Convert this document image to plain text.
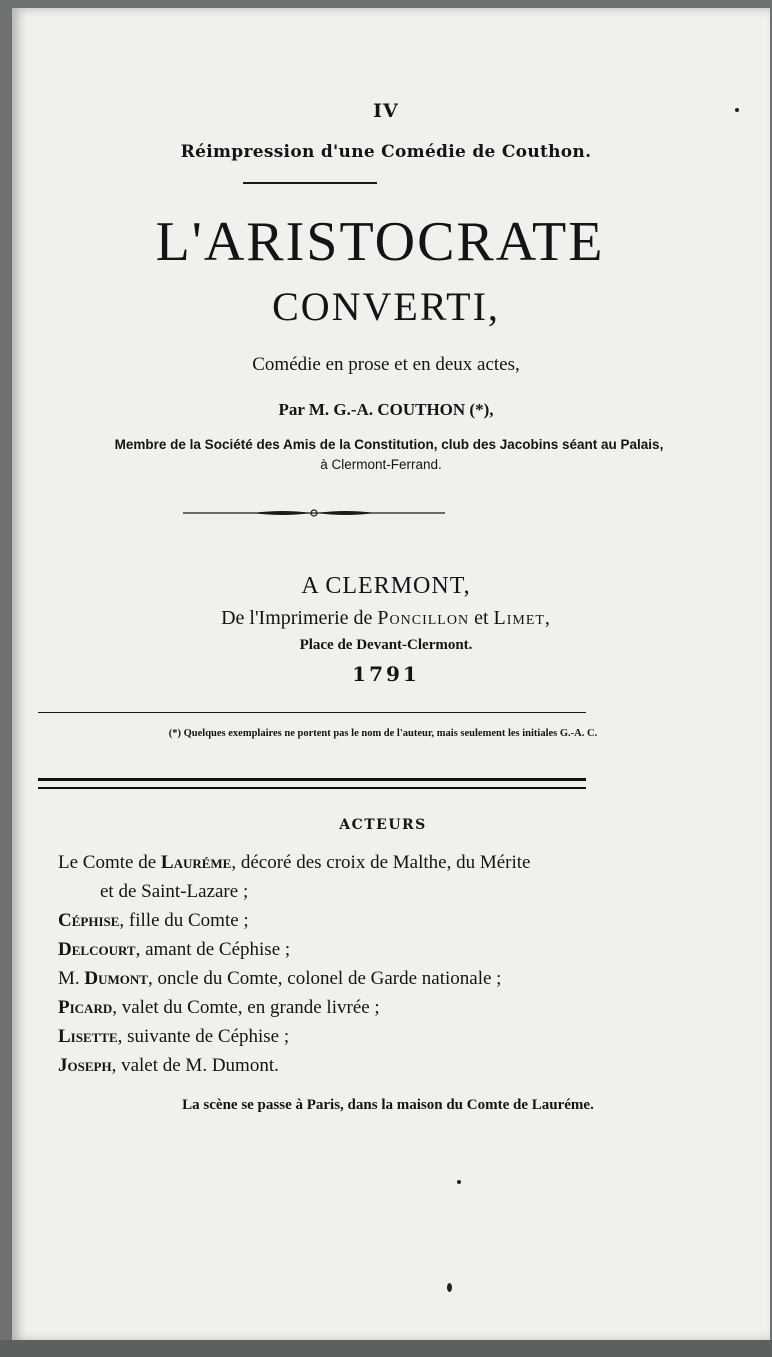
IV
Réimpression d'une Comédie de Couthon.
L'ARISTOCRATE
CONVERTI,
Comédie en prose et en deux actes,
Par M. G.-A. COUTHON (*),
Membre de la Société des Amis de la Constitution, club des Jacobins séant au Palais,
à Clermont-Ferrand.
A CLERMONT,
De l'Imprimerie de Poncillon et Limet,
Place de Devant-Clermont.
1791
(*) Quelques exemplaires ne portent pas le nom de l'auteur, mais seulement les initiales G.-A. C.
ACTEURS
Le Comte de Lauréme, décoré des croix de Malthe, du Mérite
et de Saint-Lazare ;
Céphise, fille du Comte ;
Delcourt, amant de Céphise ;
M. Dumont, oncle du Comte, colonel de Garde nationale ;
Picard, valet du Comte, en grande livrée ;
Lisette, suivante de Céphise ;
Joseph, valet de M. Dumont.
La scène se passe à Paris, dans la maison du Comte de Lauréme.
